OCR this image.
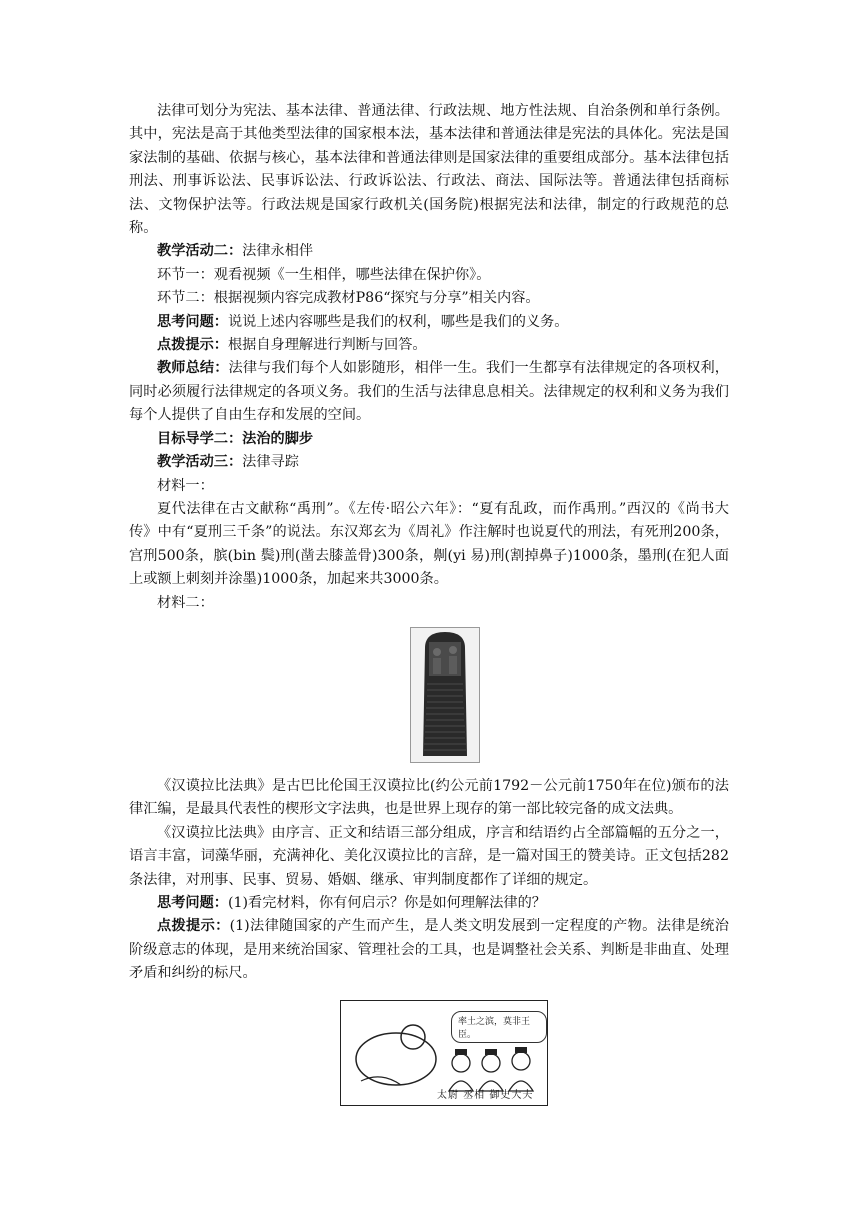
法律可划分为宪法、基本法律、普通法律、行政法规、地方性法规、自治条例和单行条例。其中，宪法是高于其他类型法律的国家根本法，基本法律和普通法律是宪法的具体化。宪法是国家法制的基础、依据与核心，基本法律和普通法律则是国家法律的重要组成部分。基本法律包括刑法、刑事诉讼法、民事诉讼法、行政诉讼法、行政法、商法、国际法等。普通法律包括商标法、文物保护法等。行政法规是国家行政机关(国务院)根据宪法和法律，制定的行政规范的总称。

教学活动二：法律永相伴

环节一：观看视频《一生相伴，哪些法律在保护你》。

环节二：根据视频内容完成教材P86“探究与分享”相关内容。

思考问题：说说上述内容哪些是我们的权利，哪些是我们的义务。

点拨提示：根据自身理解进行判断与回答。

教师总结：法律与我们每个人如影随形，相伴一生。我们一生都享有法律规定的各项权利，同时必须履行法律规定的各项义务。我们的生活与法律息息相关。法律规定的权利和义务为我们每个人提供了自由生存和发展的空间。

目标导学二：法治的脚步

教学活动三：法律寻踪

材料一：

夏代法律在古文献称“禹刑”。《左传·昭公六年》：“夏有乱政，而作禹刑。”西汉的《尚书大传》中有“夏刑三千条”的说法。东汉郑玄为《周礼》作注解时也说夏代的刑法，有死刑200条，宫刑500条，膑(bin 鬓)刑(凿去膝盖骨)300条，劓(yi 易)刑(割掉鼻子)1000条，墨刑(在犯人面上或额上刺刻并涂墨)1000条，加起来共3000条。

材料二：

《汉谟拉比法典》是古巴比伦国王汉谟拉比(约公元前1792－公元前1750年在位)颁布的法律汇编，是最具代表性的楔形文字法典，也是世界上现存的第一部比较完备的成文法典。

《汉谟拉比法典》由序言、正文和结语三部分组成，序言和结语约占全部篇幅的五分之一，语言丰富，词藻华丽，充满神化、美化汉谟拉比的言辞，是一篇对国王的赞美诗。正文包括282条法律，对刑事、民事、贸易、婚姻、继承、审判制度都作了详细的规定。

思考问题：(1)看完材料，你有何启示？你是如何理解法律的？

点拨提示：(1)法律随国家的产生而产生，是人类文明发展到一定程度的产物。法律是统治阶级意志的体现，是用来统治国家、管理社会的工具，也是调整社会关系、判断是非曲直、处理矛盾和纠纷的标尺。

率土之滨，莫非王臣。
太尉 丞相 御史大夫
